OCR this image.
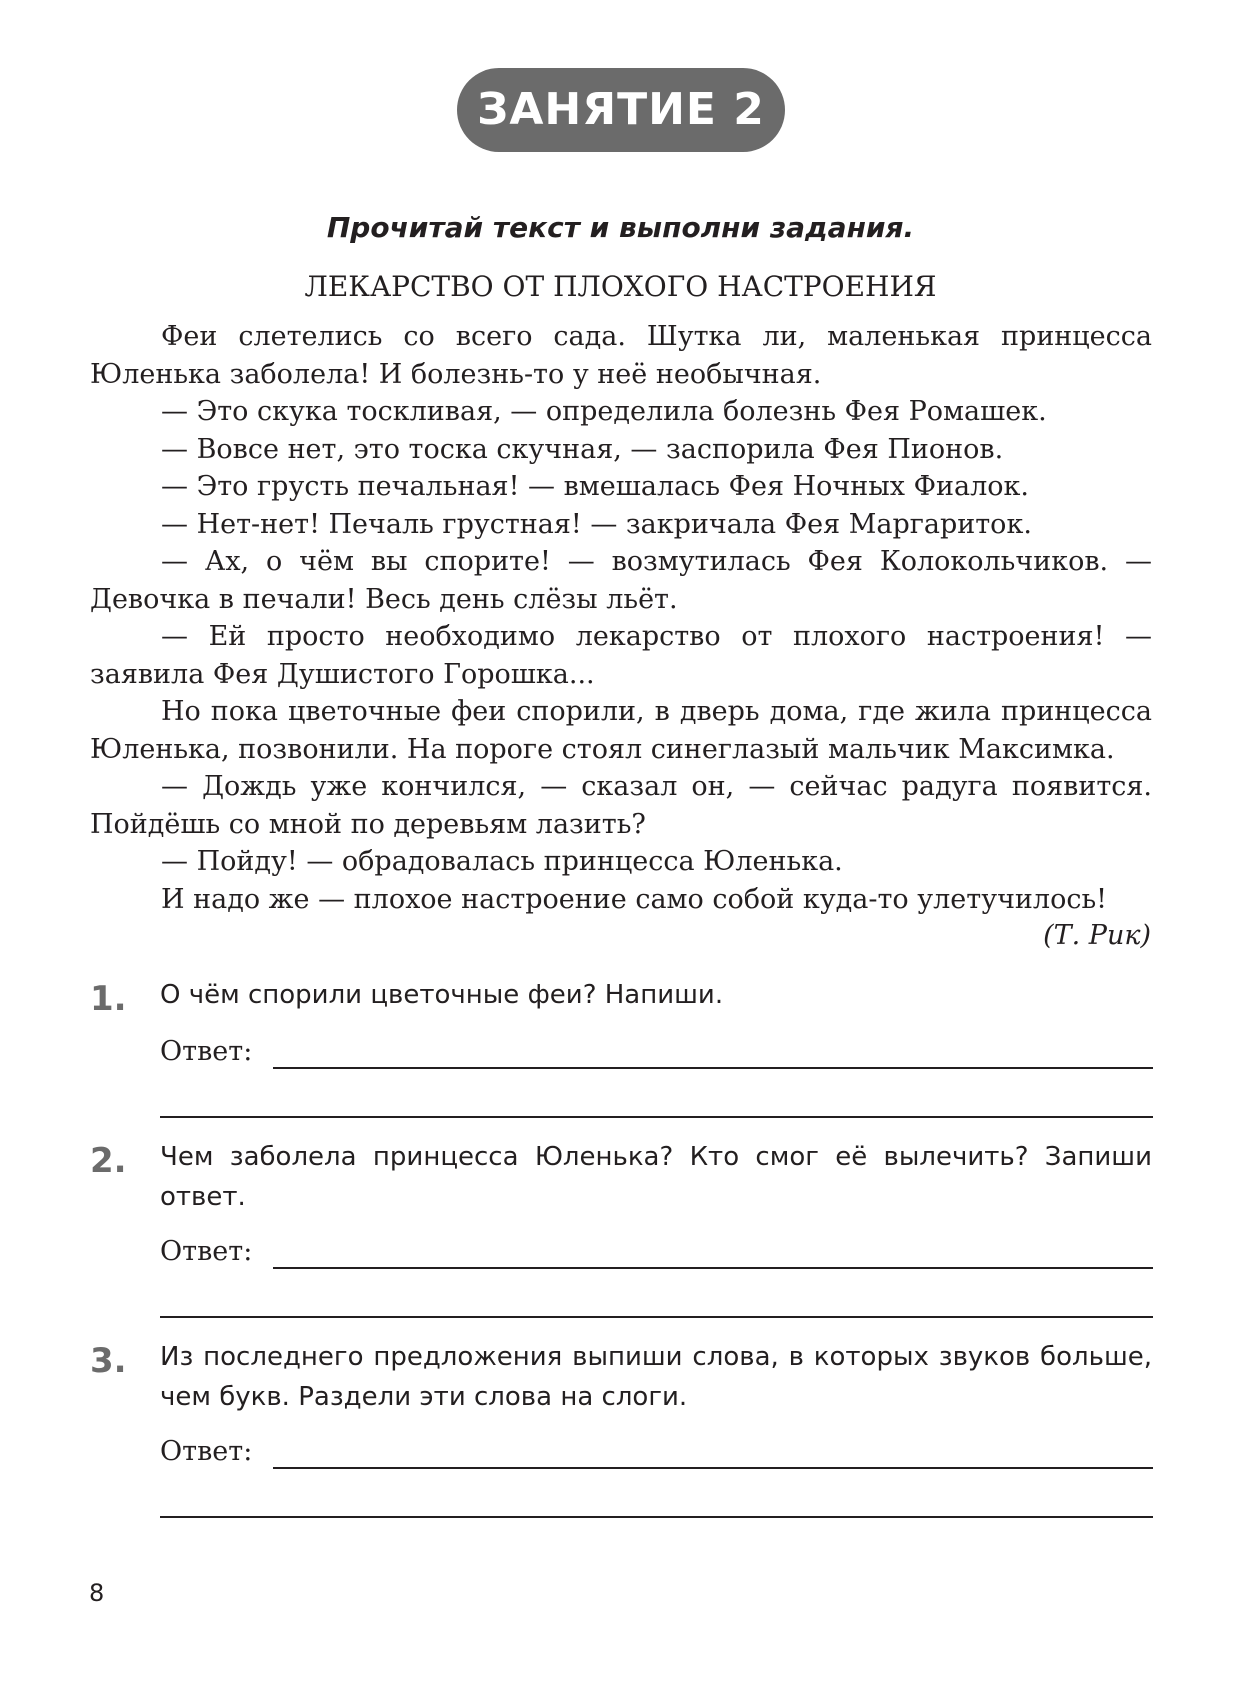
ЗАНЯТИЕ 2
Прочитай текст и выполни задания.
ЛЕКАРСТВО ОТ ПЛОХОГО НАСТРОЕНИЯ

Феи слетелись со всего сада. Шутка ли, маленькая принцесса Юленька заболела! И болезнь-то у неё необычная.

— Это скука тоскливая, — определила болезнь Фея Ромашек.

— Вовсе нет, это тоска скучная, — заспорила Фея Пионов.

— Это грусть печальная! — вмешалась Фея Ночных Фиалок.

— Нет-нет! Печаль грустная! — закричала Фея Маргариток.

— Ах, о чём вы спорите! — возмутилась Фея Колокольчиков. — Девочка в печали! Весь день слёзы льёт.

— Ей просто необходимо лекарство от плохого настроения! — заявила Фея Душистого Горошка...

Но пока цветочные феи спорили, в дверь дома, где жила принцесса Юленька, позвонили. На пороге стоял синеглазый мальчик Максимка.

— Дождь уже кончился, — сказал он, — сейчас радуга появится. Пойдёшь со мной по деревьям лазить?

— Пойду! — обрадовалась принцесса Юленька.

И надо же — плохое настроение само собой куда-то улетучилось!

(Т. Рик)
1.	О чём спорили цветочные феи? Напиши.
Ответ:
2.	Чем заболела принцесса Юленька? Кто смог её вылечить? Запиши ответ.
Ответ:
3.	Из последнего предложения выпиши слова, в которых звуков больше, чем букв. Раздели эти слова на слоги.
Ответ:
8
